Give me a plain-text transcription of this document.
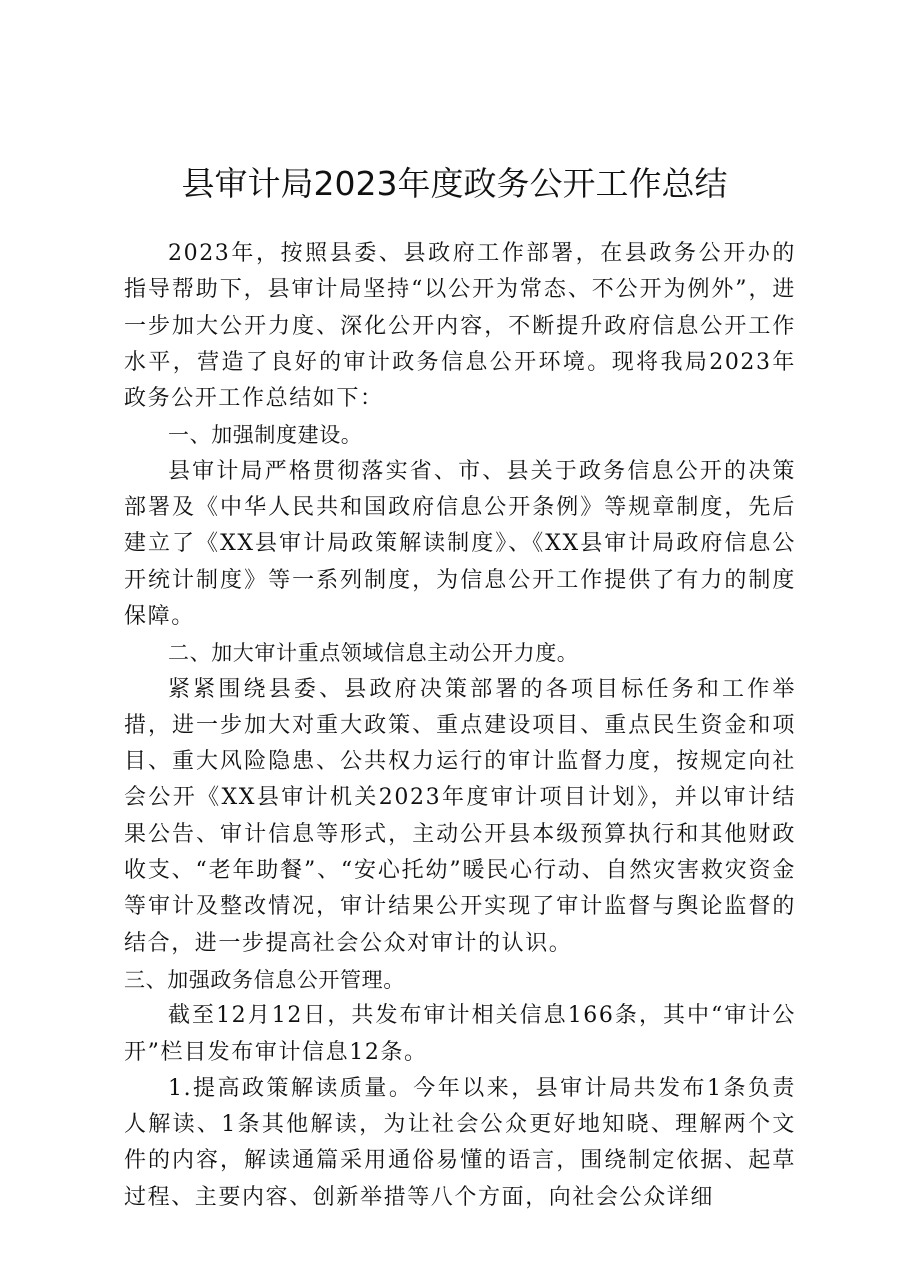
县审计局2023年度政务公开工作总结

2023年，按照县委、县政府工作部署，在县政务公开办的指导帮助下，县审计局坚持“以公开为常态、不公开为例外”，进一步加大公开力度、深化公开内容，不断提升政府信息公开工作水平，营造了良好的审计政务信息公开环境。现将我局2023年政务公开工作总结如下：

一、加强制度建设。

县审计局严格贯彻落实省、市、县关于政务信息公开的决策部署及《中华人民共和国政府信息公开条例》等规章制度，先后建立了《XX县审计局政策解读制度》、《XX县审计局政府信息公开统计制度》等一系列制度，为信息公开工作提供了有力的制度保障。

二、加大审计重点领域信息主动公开力度。

紧紧围绕县委、县政府决策部署的各项目标任务和工作举措，进一步加大对重大政策、重点建设项目、重点民生资金和项目、重大风险隐患、公共权力运行的审计监督力度，按规定向社会公开《XX县审计机关2023年度审计项目计划》，并以审计结果公告、审计信息等形式，主动公开县本级预算执行和其他财政收支、“老年助餐”、“安心托幼”暖民心行动、自然灾害救灾资金等审计及整改情况，审计结果公开实现了审计监督与舆论监督的结合，进一步提高社会公众对审计的认识。

三、加强政务信息公开管理。

截至12月12日，共发布审计相关信息166条，其中“审计公开”栏目发布审计信息12条。

1.提高政策解读质量。今年以来，县审计局共发布1条负责人解读、1条其他解读，为让社会公众更好地知晓、理解两个文件的内容，解读通篇采用通俗易懂的语言，围绕制定依据、起草过程、主要内容、创新举措等八个方面，向社会公众详细
